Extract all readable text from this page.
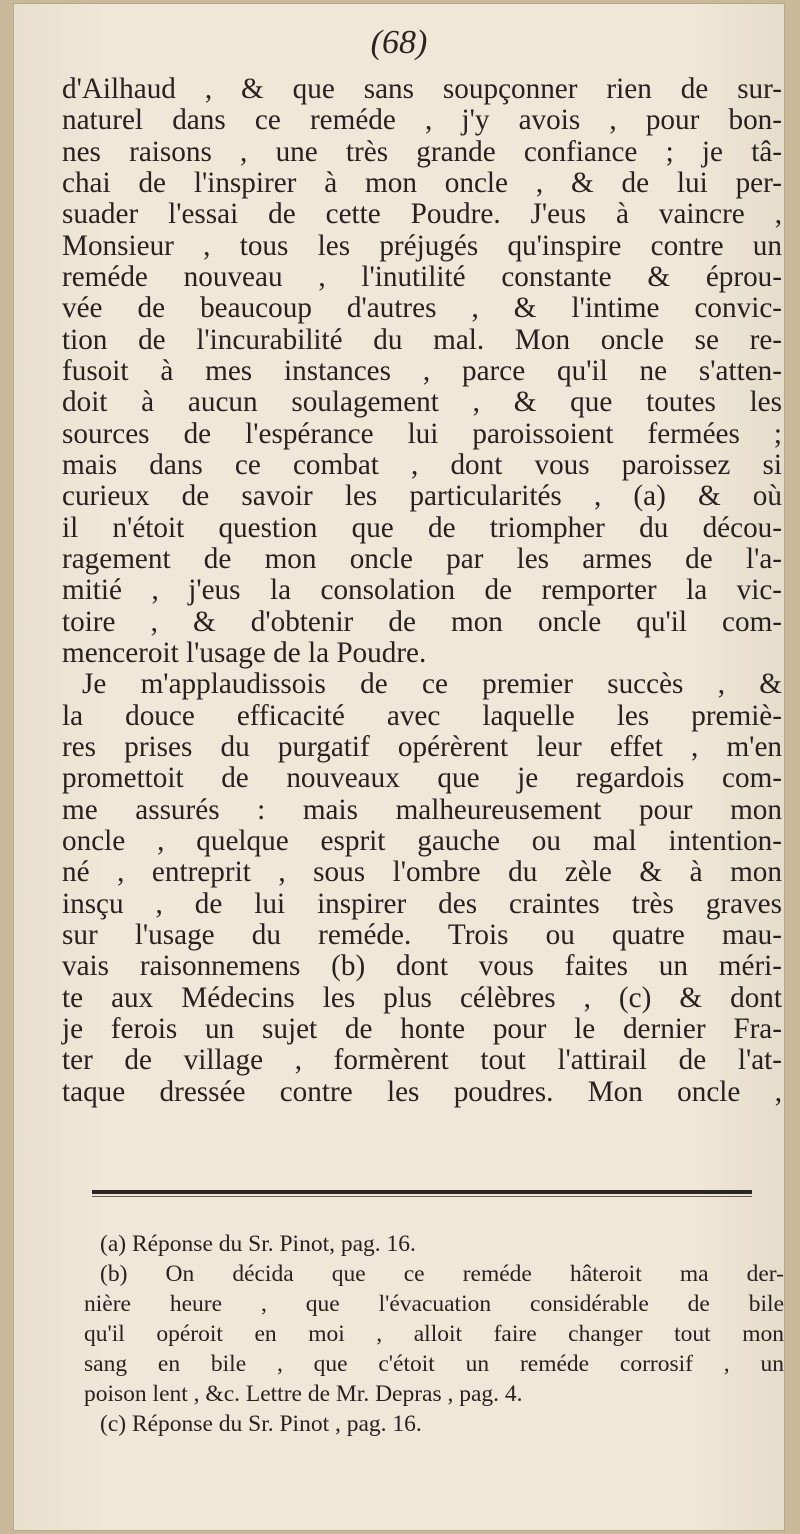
(68)
d'Ailhaud , & que sans soupçonner rien de sur-
naturel dans ce reméde , j'y avois , pour bon-
nes raisons , une très grande confiance ; je tâ-
chai de l'inspirer à mon oncle , & de lui per-
suader l'essai de cette Poudre. J'eus à vaincre ,
Monsieur , tous les préjugés qu'inspire contre un
reméde nouveau , l'inutilité constante & éprou-
vée de beaucoup d'autres , & l'intime convic-
tion de l'incurabilité du mal. Mon oncle se re-
fusoit à mes instances , parce qu'il ne s'atten-
doit à aucun soulagement , & que toutes les
sources de l'espérance lui paroissoient fermées ;
mais dans ce combat , dont vous paroissez si
curieux de savoir les particularités , (a) & où
il n'étoit question que de triompher du décou-
ragement de mon oncle par les armes de l'a-
mitié , j'eus la consolation de remporter la vic-
toire , & d'obtenir de mon oncle qu'il com-
menceroit l'usage de la Poudre.
Je m'applaudissois de ce premier succès , &
la douce efficacité avec laquelle les premiè-
res prises du purgatif opérèrent leur effet , m'en
promettoit de nouveaux que je regardois com-
me assurés : mais malheureusement pour mon
oncle , quelque esprit gauche ou mal intention-
né , entreprit , sous l'ombre du zèle & à mon
insçu , de lui inspirer des craintes très graves
sur l'usage du reméde. Trois ou quatre mau-
vais raisonnemens (b) dont vous faites un méri-
te aux Médecins les plus célèbres , (c) & dont
je ferois un sujet de honte pour le dernier Fra-
ter de village , formèrent tout l'attirail de l'at-
taque dressée contre les poudres. Mon oncle ,
(a) Réponse du Sr. Pinot, pag. 16.
(b) On décida que ce reméde hâteroit ma der-
nière heure , que l'évacuation considérable de bile
qu'il opéroit en moi , alloit faire changer tout mon
sang en bile , que c'étoit un reméde corrosif , un
poison lent , &c. Lettre de Mr. Depras , pag. 4.
(c) Réponse du Sr. Pinot , pag. 16.
